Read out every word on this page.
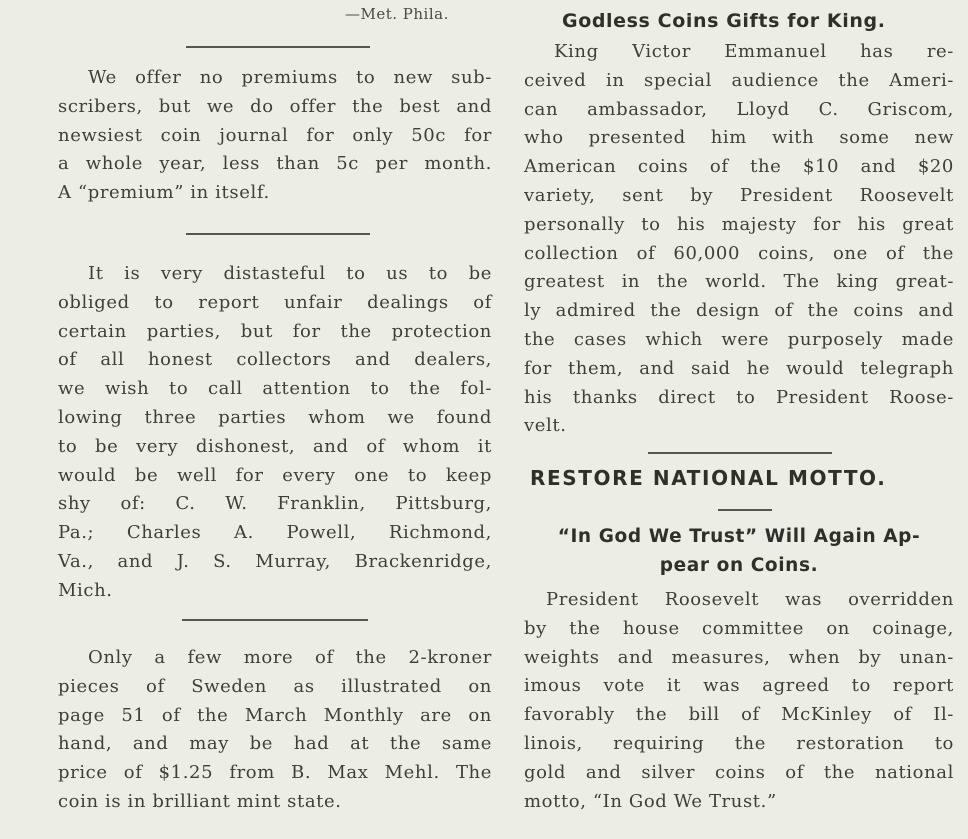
—Met. Phila.
We offer no premiums to new sub-
scribers, but we do offer the best and
newsiest coin journal for only 50c for
a whole year, less than 5c per month.
A “premium” in itself.
It is very distasteful to us to be
obliged to report unfair dealings of
certain parties, but for the protection
of all honest collectors and dealers,
we wish to call attention to the fol-
lowing three parties whom we found
to be very dishonest, and of whom it
would be well for every one to keep
shy of: C. W. Franklin, Pittsburg,
Pa.; Charles A. Powell, Richmond,
Va., and J. S. Murray, Brackenridge,
Mich.
Only a few more of the 2-kroner
pieces of Sweden as illustrated on
page 51 of the March Monthly are on
hand, and may be had at the same
price of $1.25 from B. Max Mehl. The
coin is in brilliant mint state.
Godless Coins Gifts for King.
King Victor Emmanuel has re-
ceived in special audience the Ameri-
can ambassador, Lloyd C. Griscom,
who presented him with some new
American coins of the $10 and $20
variety, sent by President Roosevelt
personally to his majesty for his great
collection of 60,000 coins, one of the
greatest in the world. The king great-
ly admired the design of the coins and
the cases which were purposely made
for them, and said he would telegraph
his thanks direct to President Roose-
velt.
RESTORE NATIONAL MOTTO.
“In God We Trust” Will Again Ap-
pear on Coins.
President Roosevelt was overridden
by the house committee on coinage,
weights and measures, when by unan-
imous vote it was agreed to report
favorably the bill of McKinley of Il-
linois, requiring the restoration to
gold and silver coins of the national
motto, “In God We Trust.”
